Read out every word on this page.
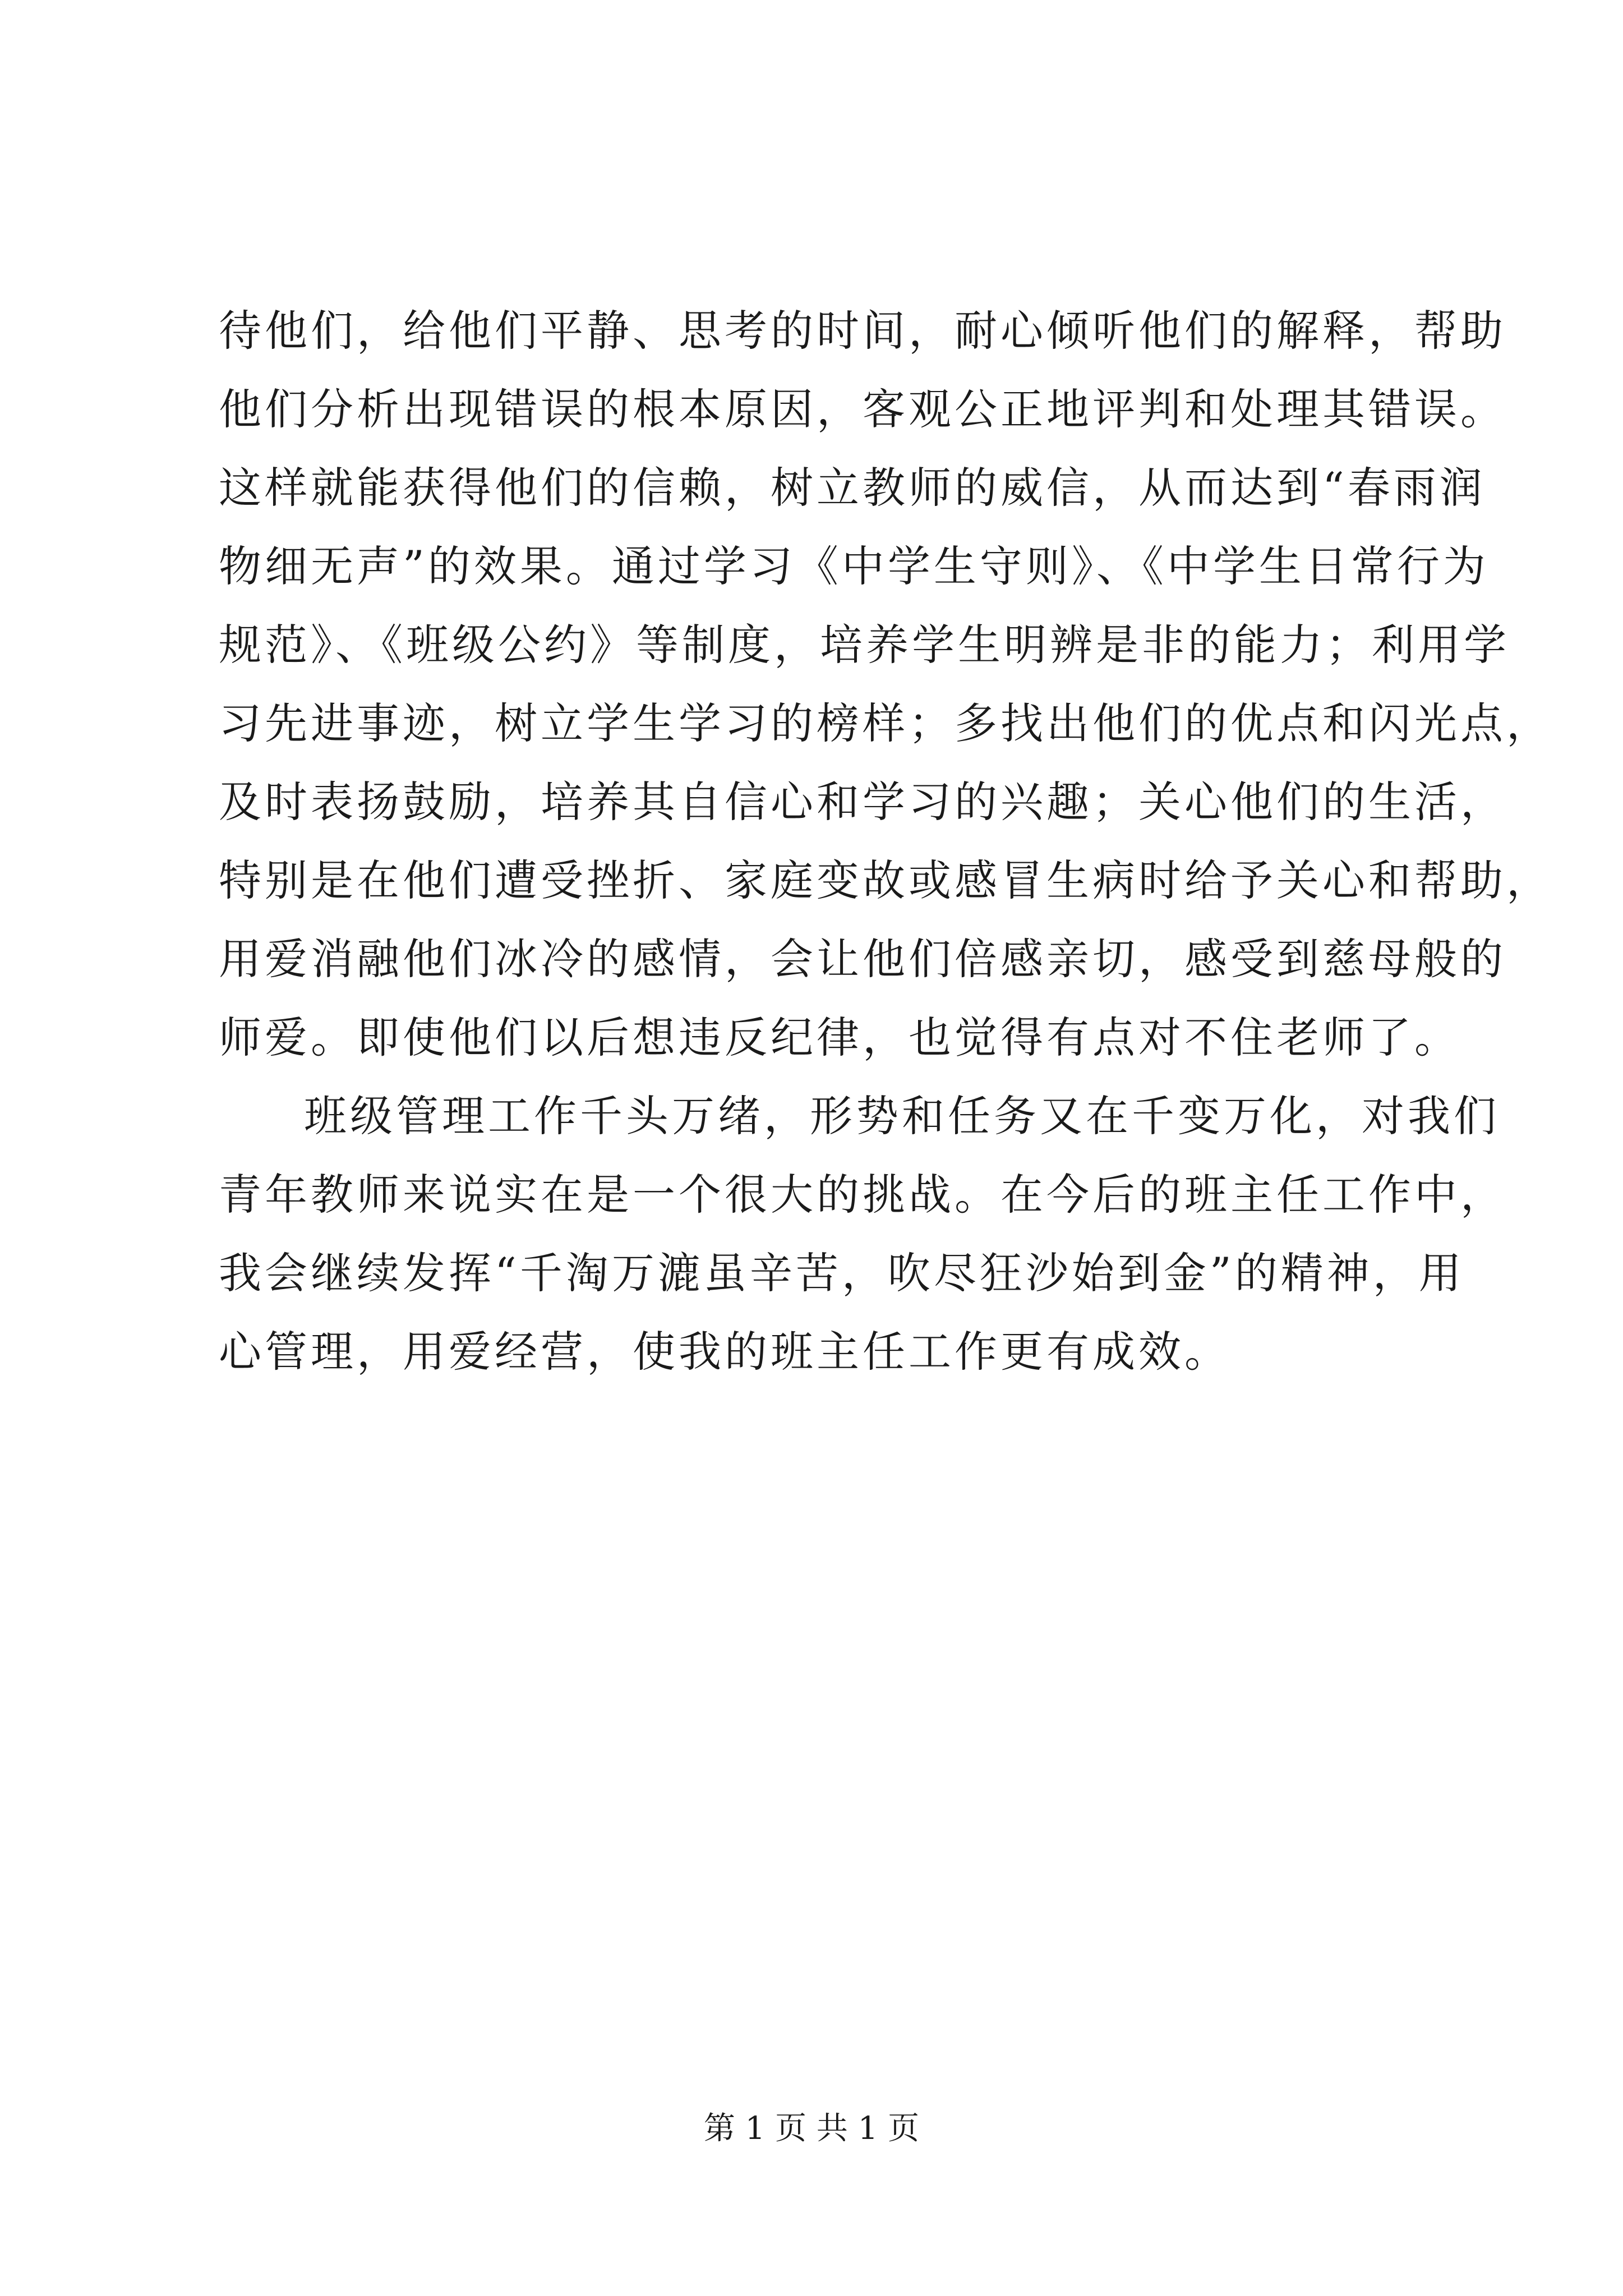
待他们，给他们平静、思考的时间，耐心倾听他们的解释，帮助
他们分析出现错误的根本原因，客观公正地评判和处理其错误。
这样就能获得他们的信赖，树立教师的威信，从而达到“春雨润
物细无声”的效果。通过学习《中学生守则》、《中学生日常行为
规范》、《班级公约》等制度，培养学生明辨是非的能力；利用学
习先进事迹，树立学生学习的榜样；多找出他们的优点和闪光点，
及时表扬鼓励，培养其自信心和学习的兴趣；关心他们的生活，
特别是在他们遭受挫折、家庭变故或感冒生病时给予关心和帮助，
用爱消融他们冰冷的感情，会让他们倍感亲切，感受到慈母般的
师爱。即使他们以后想违反纪律，也觉得有点对不住老师了。
班级管理工作千头万绪，形势和任务又在千变万化，对我们
青年教师来说实在是一个很大的挑战。在今后的班主任工作中，
我会继续发挥“千淘万漉虽辛苦，吹尽狂沙始到金”的精神，用
心管理，用爱经营，使我的班主任工作更有成效。
第 1 页 共 1 页
